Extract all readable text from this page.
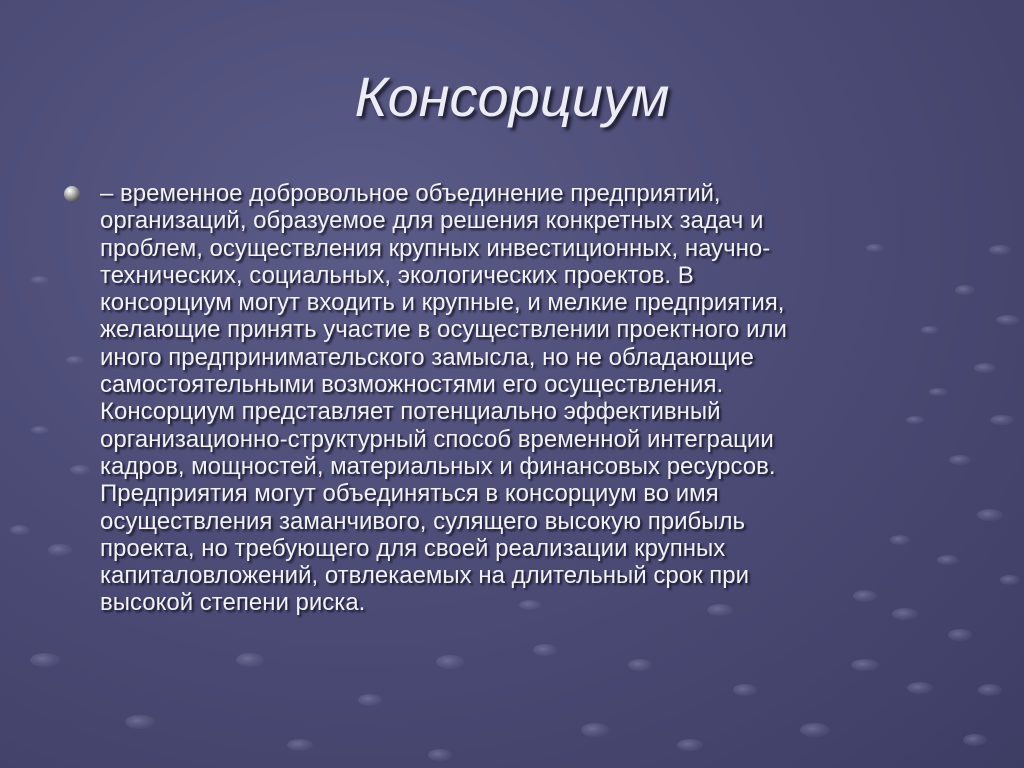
Консорциум
– временное добровольное объединение предприятий,
организаций, образуемое для решения конкретных задач и
проблем, осуществления крупных инвестиционных, научно-
технических, социальных, экологических проектов. В
консорциум могут входить и крупные, и мелкие предприятия,
желающие принять участие в осуществлении проектного или
иного предпринимательского замысла, но не обладающие
самостоятельными возможностями его осуществления.
Консорциум представляет потенциально эффективный
организационно-структурный способ временной интеграции
кадров, мощностей, материальных и финансовых ресурсов.
Предприятия могут объединяться в консорциум во имя
осуществления заманчивого, сулящего высокую прибыль
проекта, но требующего для своей реализации крупных
капиталовложений, отвлекаемых на длительный срок при
высокой степени риска.
